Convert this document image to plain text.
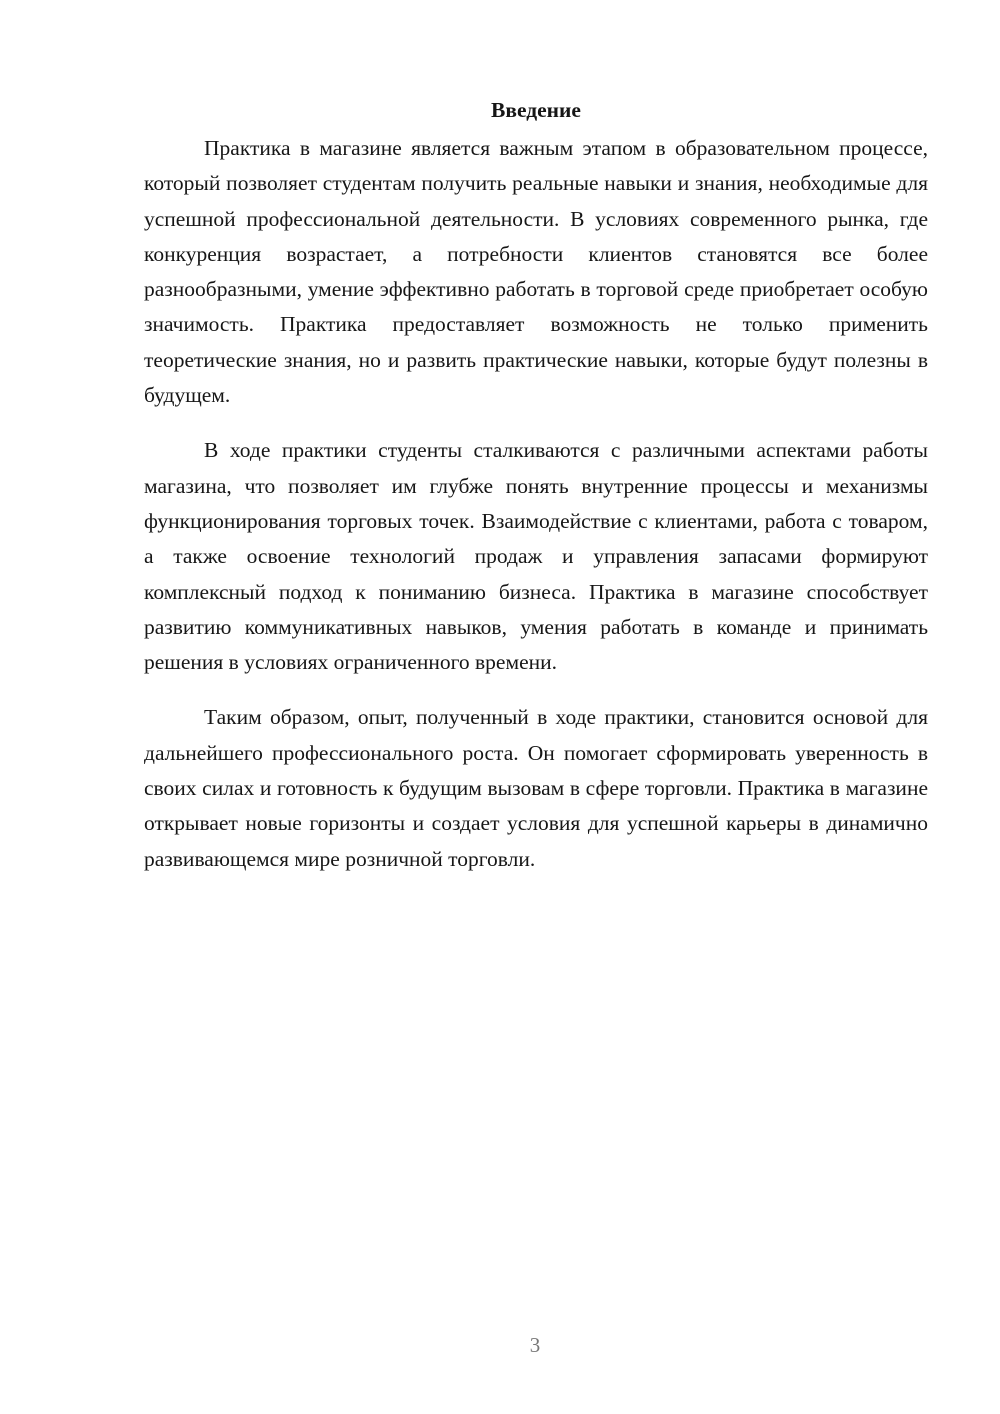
Введение

Практика в магазине является важным этапом в образовательном процессе, который позволяет студентам получить реальные навыки и знания, необходимые для успешной профессиональной деятельности. В условиях современного рынка, где конкуренция возрастает, а потребности клиентов становятся все более разнообразными, умение эффективно работать в торговой среде приобретает особую значимость. Практика предоставляет возможность не только применить теоретические знания, но и развить практические навыки, которые будут полезны в будущем.

В ходе практики студенты сталкиваются с различными аспектами работы магазина, что позволяет им глубже понять внутренние процессы и механизмы функционирования торговых точек. Взаимодействие с клиентами, работа с товаром, а также освоение технологий продаж и управления запасами формируют комплексный подход к пониманию бизнеса. Практика в магазине способствует развитию коммуникативных навыков, умения работать в команде и принимать решения в условиях ограниченного времени.

Таким образом, опыт, полученный в ходе практики, становится основой для дальнейшего профессионального роста. Он помогает сформировать уверенность в своих силах и готовность к будущим вызовам в сфере торговли. Практика в магазине открывает новые горизонты и создает условия для успешной карьеры в динамично развивающемся мире розничной торговли.

3
